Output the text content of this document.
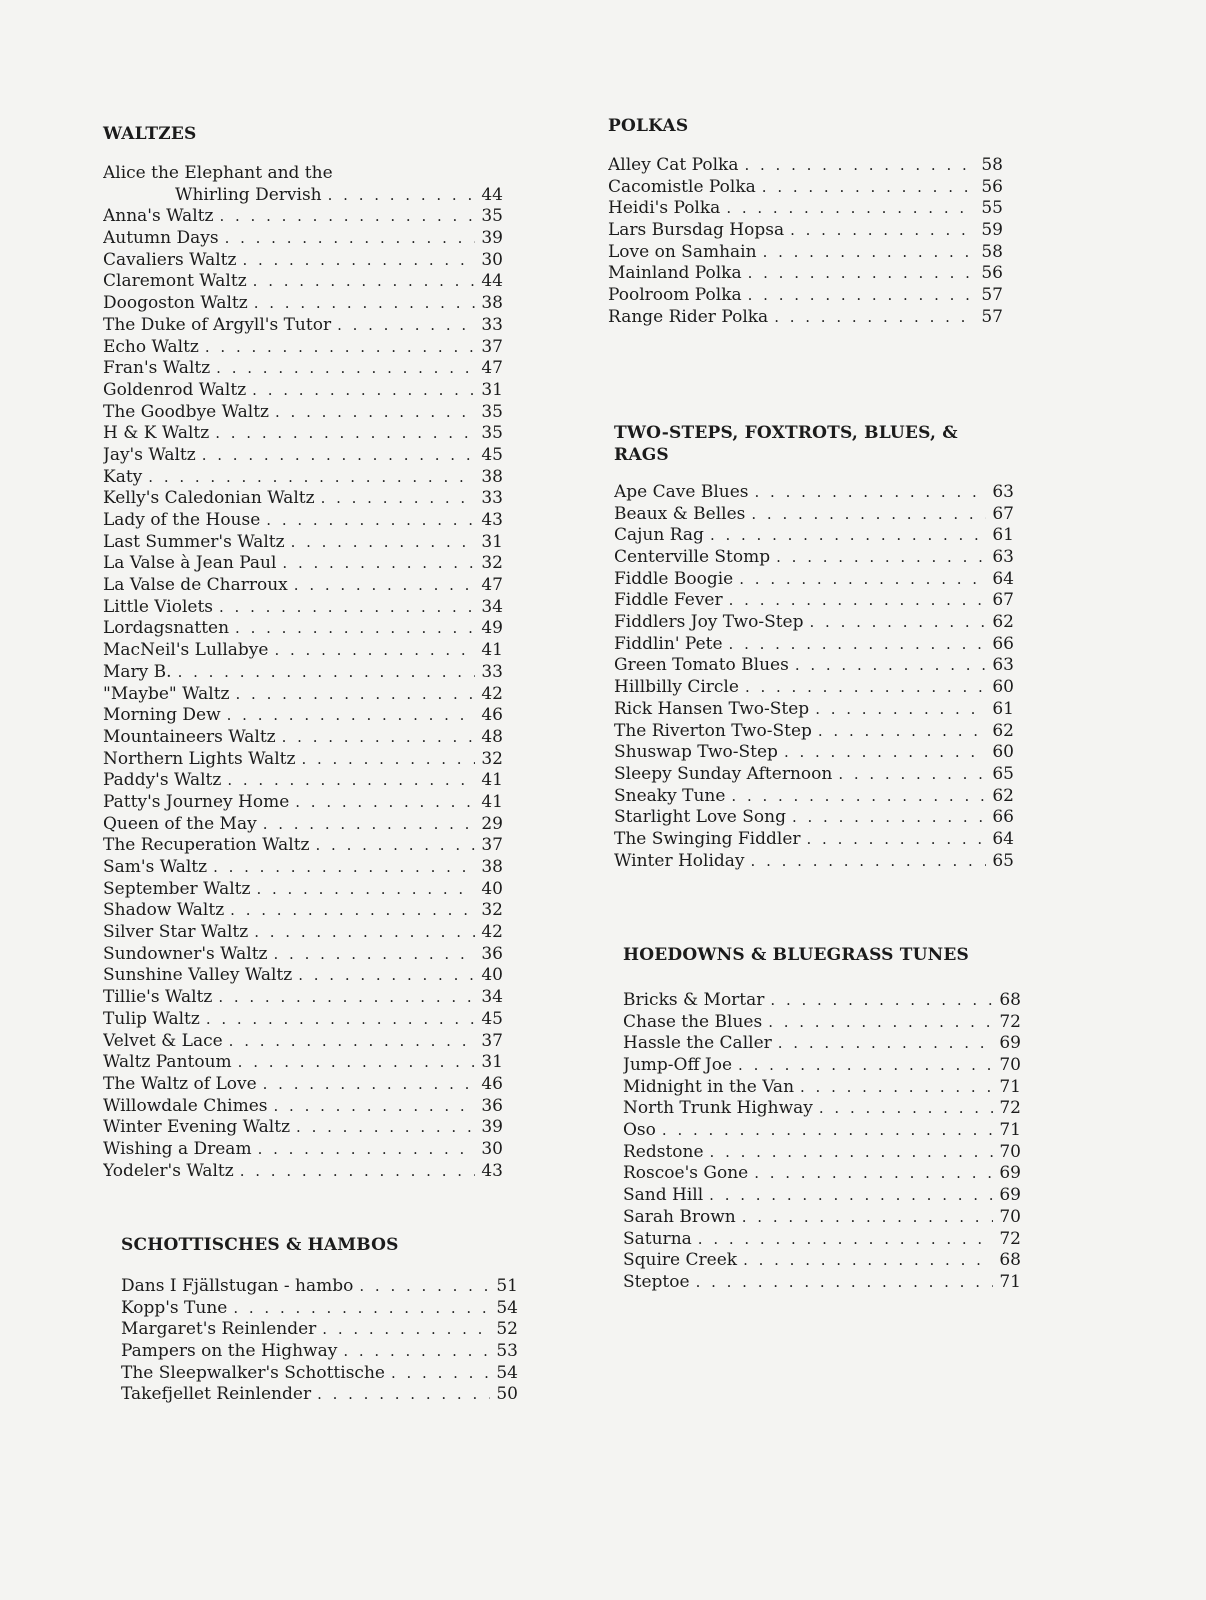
WALTZES
Alice the Elephant and the
Whirling Dervish . . .	44
Anna's Waltz . . .	35
Autumn Days . . .	39
Cavaliers Waltz . . .	30
Claremont Waltz . . .	44
Doogoston Waltz . . .	38
The Duke of Argyll's Tutor . . .	33
Echo Waltz . . .	37
Fran's Waltz . . .	47
Goldenrod Waltz . . .	31
The Goodbye Waltz . . .	35
H & K Waltz . . .	35
Jay's Waltz . . .	45
Katy . . .	38
Kelly's Caledonian Waltz . . .	33
Lady of the House . . .	43
Last Summer's Waltz . . .	31
La Valse à Jean Paul . . .	32
La Valse de Charroux . . .	47
Little Violets . . .	34
Lordagsnatten . . .	49
MacNeil's Lullabye . . .	41
Mary B. . . .	33
"Maybe" Waltz . . .	42
Morning Dew . . .	46
Mountaineers Waltz . . .	48
Northern Lights Waltz . . .	32
Paddy's Waltz . . .	41
Patty's Journey Home . . .	41
Queen of the May . . .	29
The Recuperation Waltz . . .	37
Sam's Waltz . . .	38
September Waltz . . .	40
Shadow Waltz . . .	32
Silver Star Waltz . . .	42
Sundowner's Waltz . . .	36
Sunshine Valley Waltz . . .	40
Tillie's Waltz . . .	34
Tulip Waltz . . .	45
Velvet & Lace . . .	37
Waltz Pantoum . . .	31
The Waltz of Love . . .	46
Willowdale Chimes . . .	36
Winter Evening Waltz . . .	39
Wishing a Dream . . .	30
Yodeler's Waltz . . .	43
SCHOTTISCHES & HAMBOS
Dans I Fjällstugan - hambo . . .	51
Kopp's Tune . . .	54
Margaret's Reinlender . . .	52
Pampers on the Highway . . .	53
The Sleepwalker's Schottische . . .	54
Takefjellet Reinlender . . .	50
POLKAS
Alley Cat Polka . . .	58
Cacomistle Polka . . .	56
Heidi's Polka . . .	55
Lars Bursdag Hopsa . . .	59
Love on Samhain . . .	58
Mainland Polka . . .	56
Poolroom Polka . . .	57
Range Rider Polka . . .	57
TWO-STEPS, FOXTROTS, BLUES, &
RAGS
Ape Cave Blues . . .	63
Beaux & Belles . . .	67
Cajun Rag . . .	61
Centerville Stomp . . .	63
Fiddle Boogie . . .	64
Fiddle Fever . . .	67
Fiddlers Joy Two-Step . . .	62
Fiddlin' Pete . . .	66
Green Tomato Blues . . .	63
Hillbilly Circle . . .	60
Rick Hansen Two-Step . . .	61
The Riverton Two-Step . . .	62
Shuswap Two-Step . . .	60
Sleepy Sunday Afternoon . . .	65
Sneaky Tune . . .	62
Starlight Love Song . . .	66
The Swinging Fiddler . . .	64
Winter Holiday . . .	65
HOEDOWNS & BLUEGRASS TUNES
Bricks & Mortar . . .	68
Chase the Blues . . .	72
Hassle the Caller . . .	69
Jump-Off Joe . . .	70
Midnight in the Van . . .	71
North Trunk Highway . . .	72
Oso . . .	71
Redstone . . .	70
Roscoe's Gone . . .	69
Sand Hill . . .	69
Sarah Brown . . .	70
Saturna . . .	72
Squire Creek . . .	68
Steptoe . . .	71
